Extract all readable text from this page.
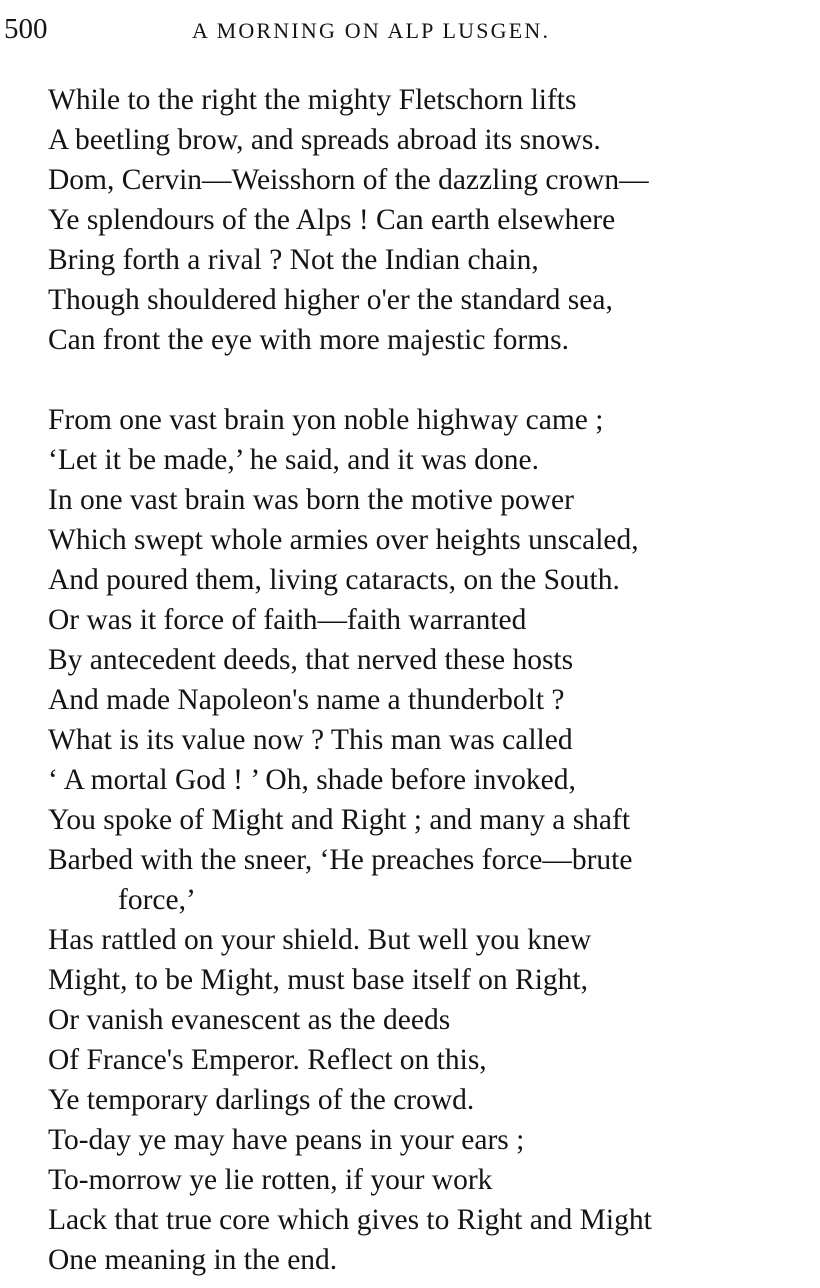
500	A MORNING ON ALP LUSGEN.
While to the right the mighty Fletschorn lifts
A beetling brow, and spreads abroad its snows.
Dom, Cervin—Weisshorn of the dazzling crown—
Ye splendours of the Alps ! Can earth elsewhere
Bring forth a rival ? Not the Indian chain,
Though shouldered higher o'er the standard sea,
Can front the eye with more majestic forms.
From one vast brain yon noble highway came ;
‘Let it be made,’ he said, and it was done.
In one vast brain was born the motive power
Which swept whole armies over heights unscaled,
And poured them, living cataracts, on the South.
Or was it force of faith—faith warranted
By antecedent deeds, that nerved these hosts
And made Napoleon's name a thunderbolt ?
What is its value now ? This man was called
‘ A mortal God ! ’ Oh, shade before invoked,
You spoke of Might and Right ; and many a shaft
Barbed with the sneer, ‘He preaches force—brute
force,’
Has rattled on your shield. But well you knew
Might, to be Might, must base itself on Right,
Or vanish evanescent as the deeds
Of France's Emperor. Reflect on this,
Ye temporary darlings of the crowd.
To-day ye may have peans in your ears ;
To-morrow ye lie rotten, if your work
Lack that true core which gives to Right and Might
One meaning in the end.
